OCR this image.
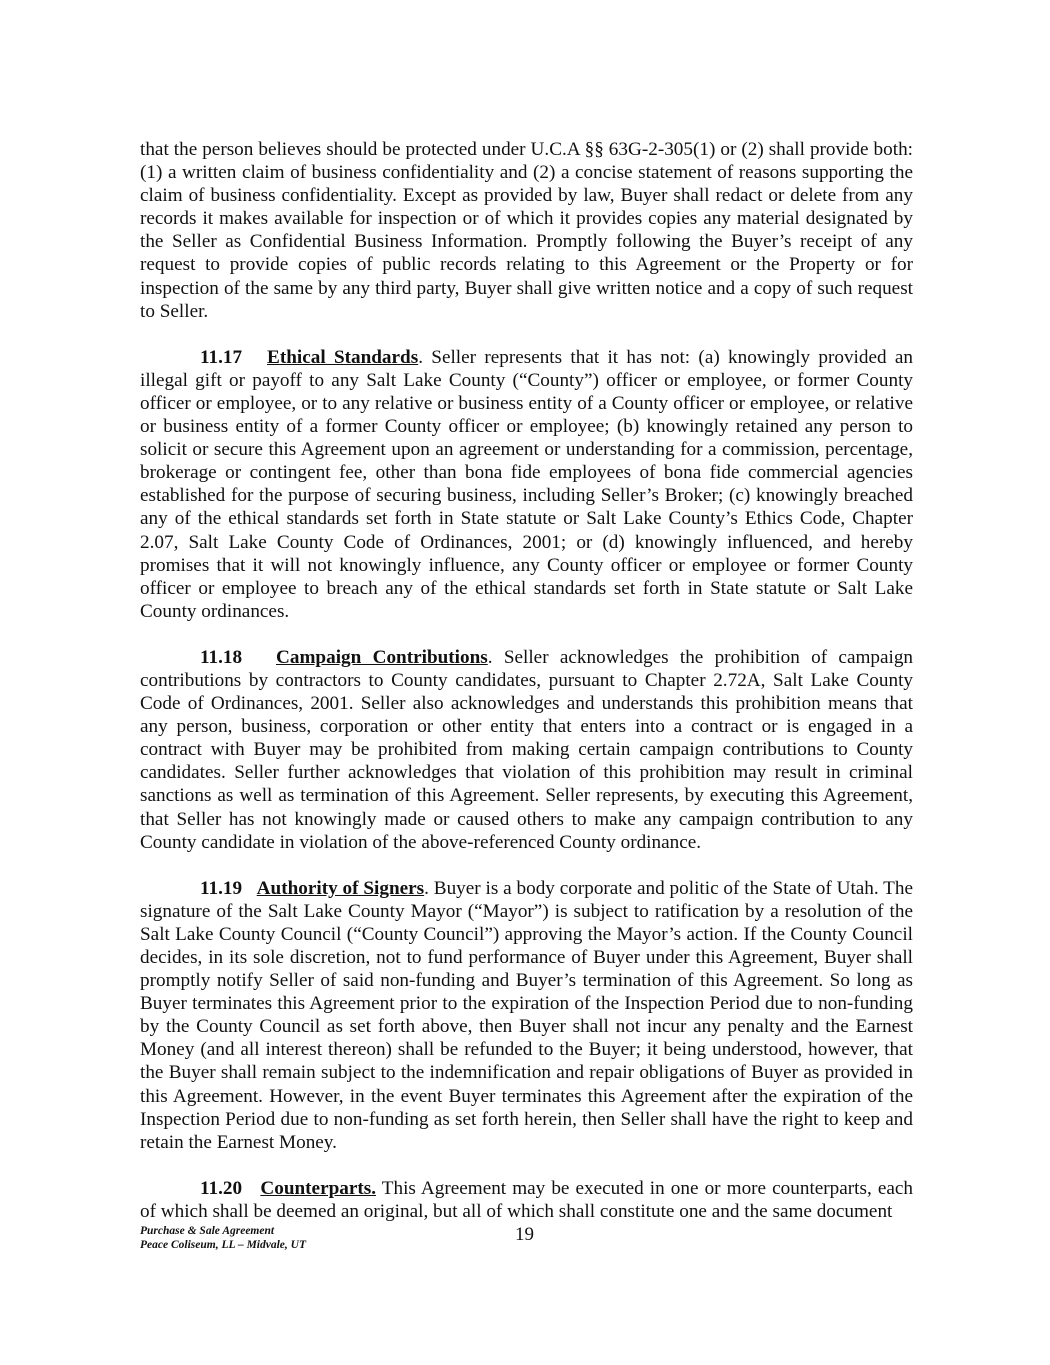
that the person believes should be protected under U.C.A §§ 63G-2-305(1) or (2) shall provide both: (1) a written claim of business confidentiality and (2) a concise statement of reasons supporting the claim of business confidentiality. Except as provided by law, Buyer shall redact or delete from any records it makes available for inspection or of which it provides copies any material designated by the Seller as Confidential Business Information. Promptly following the Buyer’s receipt of any request to provide copies of public records relating to this Agreement or the Property or for inspection of the same by any third party, Buyer shall give written notice and a copy of such request to Seller.

11.17 Ethical Standards. Seller represents that it has not: (a) knowingly provided an illegal gift or payoff to any Salt Lake County (“County”) officer or employee, or former County officer or employee, or to any relative or business entity of a County officer or employee, or relative or business entity of a former County officer or employee; (b) knowingly retained any person to solicit or secure this Agreement upon an agreement or understanding for a commission, percentage, brokerage or contingent fee, other than bona fide employees of bona fide commercial agencies established for the purpose of securing business, including Seller’s Broker; (c) knowingly breached any of the ethical standards set forth in State statute or Salt Lake County’s Ethics Code, Chapter 2.07, Salt Lake County Code of Ordinances, 2001; or (d) knowingly influenced, and hereby promises that it will not knowingly influence, any County officer or employee or former County officer or employee to breach any of the ethical standards set forth in State statute or Salt Lake County ordinances.

11.18 Campaign Contributions. Seller acknowledges the prohibition of campaign contributions by contractors to County candidates, pursuant to Chapter 2.72A, Salt Lake County Code of Ordinances, 2001. Seller also acknowledges and understands this prohibition means that any person, business, corporation or other entity that enters into a contract or is engaged in a contract with Buyer may be prohibited from making certain campaign contributions to County candidates. Seller further acknowledges that violation of this prohibition may result in criminal sanctions as well as termination of this Agreement. Seller represents, by executing this Agreement, that Seller has not knowingly made or caused others to make any campaign contribution to any County candidate in violation of the above-referenced County ordinance.

11.19 Authority of Signers. Buyer is a body corporate and politic of the State of Utah. The signature of the Salt Lake County Mayor (“Mayor”) is subject to ratification by a resolution of the Salt Lake County Council (“County Council”) approving the Mayor’s action. If the County Council decides, in its sole discretion, not to fund performance of Buyer under this Agreement, Buyer shall promptly notify Seller of said non-funding and Buyer’s termination of this Agreement. So long as Buyer terminates this Agreement prior to the expiration of the Inspection Period due to non-funding by the County Council as set forth above, then Buyer shall not incur any penalty and the Earnest Money (and all interest thereon) shall be refunded to the Buyer; it being understood, however, that the Buyer shall remain subject to the indemnification and repair obligations of Buyer as provided in this Agreement. However, in the event Buyer terminates this Agreement after the expiration of the Inspection Period due to non-funding as set forth herein, then Seller shall have the right to keep and retain the Earnest Money.

11.20 Counterparts. This Agreement may be executed in one or more counterparts, each of which shall be deemed an original, but all of which shall constitute one and the same document

Purchase & Sale Agreement
Peace Coliseum, LL – Midvale, UT	19
